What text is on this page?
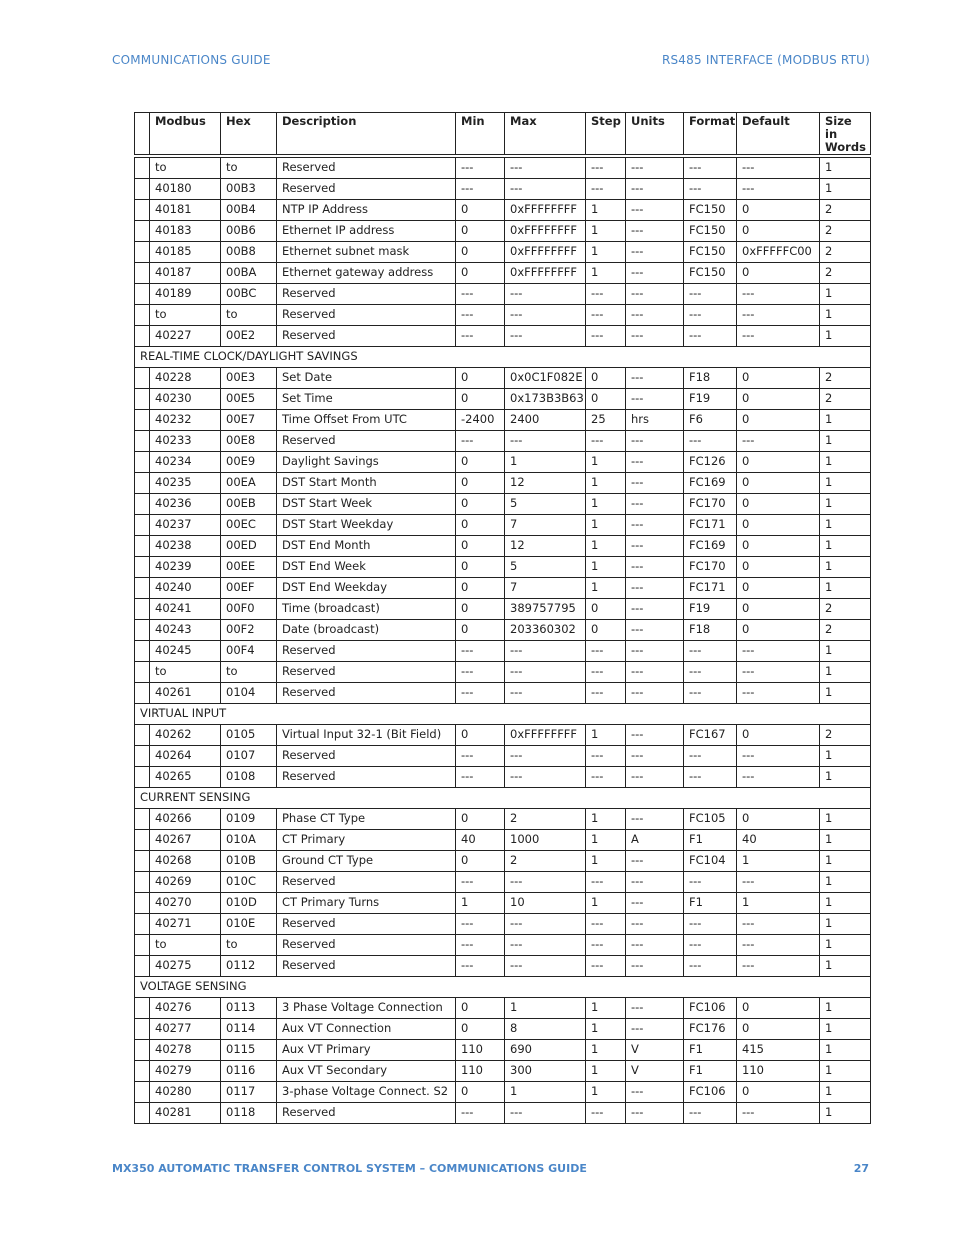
COMMUNICATIONS GUIDE	RS485 INTERFACE (MODBUS RTU)
	Modbus	Hex	Description	Min	Max	Step	Units	Format	Default	Size in Words
	to	to	Reserved	---	---	---	---	---	---	1
	40180	00B3	Reserved	---	---	---	---	---	---	1
	40181	00B4	NTP IP Address	0	0xFFFFFFFF	1	---	FC150	0	2
	40183	00B6	Ethernet IP address	0	0xFFFFFFFF	1	---	FC150	0	2
	40185	00B8	Ethernet subnet mask	0	0xFFFFFFFF	1	---	FC150	0xFFFFFC00	2
	40187	00BA	Ethernet gateway address	0	0xFFFFFFFF	1	---	FC150	0	2
	40189	00BC	Reserved	---	---	---	---	---	---	1
	to	to	Reserved	---	---	---	---	---	---	1
	40227	00E2	Reserved	---	---	---	---	---	---	1
REAL-TIME CLOCK/DAYLIGHT SAVINGS										
	40228	00E3	Set Date	0	0x0C1F082E	0	---	F18	0	2
	40230	00E5	Set Time	0	0x173B3B63	0	---	F19	0	2
	40232	00E7	Time Offset From UTC	-2400	2400	25	hrs	F6	0	1
	40233	00E8	Reserved	---	---	---	---	---	---	1
	40234	00E9	Daylight Savings	0	1	1	---	FC126	0	1
	40235	00EA	DST Start Month	0	12	1	---	FC169	0	1
	40236	00EB	DST Start Week	0	5	1	---	FC170	0	1
	40237	00EC	DST Start Weekday	0	7	1	---	FC171	0	1
	40238	00ED	DST End Month	0	12	1	---	FC169	0	1
	40239	00EE	DST End Week	0	5	1	---	FC170	0	1
	40240	00EF	DST End Weekday	0	7	1	---	FC171	0	1
	40241	00F0	Time (broadcast)	0	389757795	0	---	F19	0	2
	40243	00F2	Date (broadcast)	0	203360302	0	---	F18	0	2
	40245	00F4	Reserved	---	---	---	---	---	---	1
	to	to	Reserved	---	---	---	---	---	---	1
	40261	0104	Reserved	---	---	---	---	---	---	1
VIRTUAL INPUT										
	40262	0105	Virtual Input 32-1 (Bit Field)	0	0xFFFFFFFF	1	---	FC167	0	2
	40264	0107	Reserved	---	---	---	---	---	---	1
	40265	0108	Reserved	---	---	---	---	---	---	1
CURRENT SENSING										
	40266	0109	Phase CT Type	0	2	1	---	FC105	0	1
	40267	010A	CT Primary	40	1000	1	A	F1	40	1
	40268	010B	Ground CT Type	0	2	1	---	FC104	1	1
	40269	010C	Reserved	---	---	---	---	---	---	1
	40270	010D	CT Primary Turns	1	10	1	---	F1	1	1
	40271	010E	Reserved	---	---	---	---	---	---	1
	to	to	Reserved	---	---	---	---	---	---	1
	40275	0112	Reserved	---	---	---	---	---	---	1
VOLTAGE SENSING										
	40276	0113	3 Phase Voltage Connection	0	1	1	---	FC106	0	1
	40277	0114	Aux VT Connection	0	8	1	---	FC176	0	1
	40278	0115	Aux VT Primary	110	690	1	V	F1	415	1
	40279	0116	Aux VT Secondary	110	300	1	V	F1	110	1
	40280	0117	3-phase Voltage Connect. S2	0	1	1	---	FC106	0	1
	40281	0118	Reserved	---	---	---	---	---	---	1
MX350 AUTOMATIC TRANSFER CONTROL SYSTEM – COMMUNICATIONS GUIDE	27
